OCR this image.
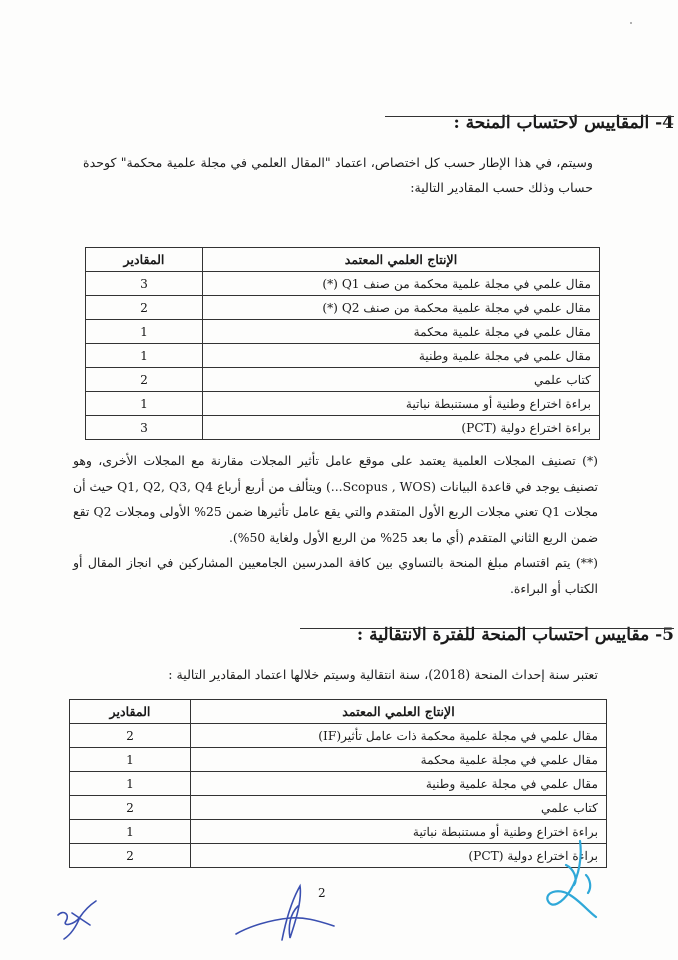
4- المقاييس لاحتساب المنحة :
وسيتم، في هذا الإطار حسب كل اختصاص، اعتماد "المقال العلمي في مجلة علمية محكمة" كوحدة حساب وذلك حسب المقادير التالية:
الإنتاج العلمي المعتمد	المقادير
مقال علمي في مجلة علمية محكمة من صنف Q1 (*)	3
مقال علمي في مجلة علمية محكمة من صنف Q2 (*)	2
مقال علمي في مجلة علمية محكمة	1
مقال علمي في مجلة علمية وطنية	1
كتاب علمي	2
براءة اختراع وطنية أو مستنبطة نباتية	1
براءة اختراع دولية (PCT)	3

(*) تصنيف المجلات العلمية يعتمد على موقع عامل تأثير المجلات مقارنة مع المجلات الأخرى، وهو تصنيف يوجد في قاعدة البيانات (Scopus , WOS...) ويتألف من أربع أرباع Q1, Q2, Q3, Q4 حيث أن مجلات Q1 تعني مجلات الربع الأول المتقدم والتي يقع عامل تأثيرها ضمن 25% الأولى ومجلات Q2 تقع ضمن الربع الثاني المتقدم (أي ما بعد 25% من الربع الأول ولغاية 50%).

(**) يتم اقتسام مبلغ المنحة بالتساوي بين كافة المدرسين الجامعيين المشاركين في انجاز المقال أو الكتاب أو البراءة.

5- مقاييس احتساب المنحة للفترة الانتقالية :
تعتبر سنة إحداث المنحة (2018)، سنة انتقالية وسيتم خلالها اعتماد المقادير التالية :
الإنتاج العلمي المعتمد	المقادير
مقال علمي في مجلة علمية محكمة ذات عامل تأثير(IF)	2
مقال علمي في مجلة علمية محكمة	1
مقال علمي في مجلة علمية وطنية	1
كتاب علمي	2
براءة اختراع وطنية أو مستنبطة نباتية	1
براءة اختراع دولية (PCT)	2
2
